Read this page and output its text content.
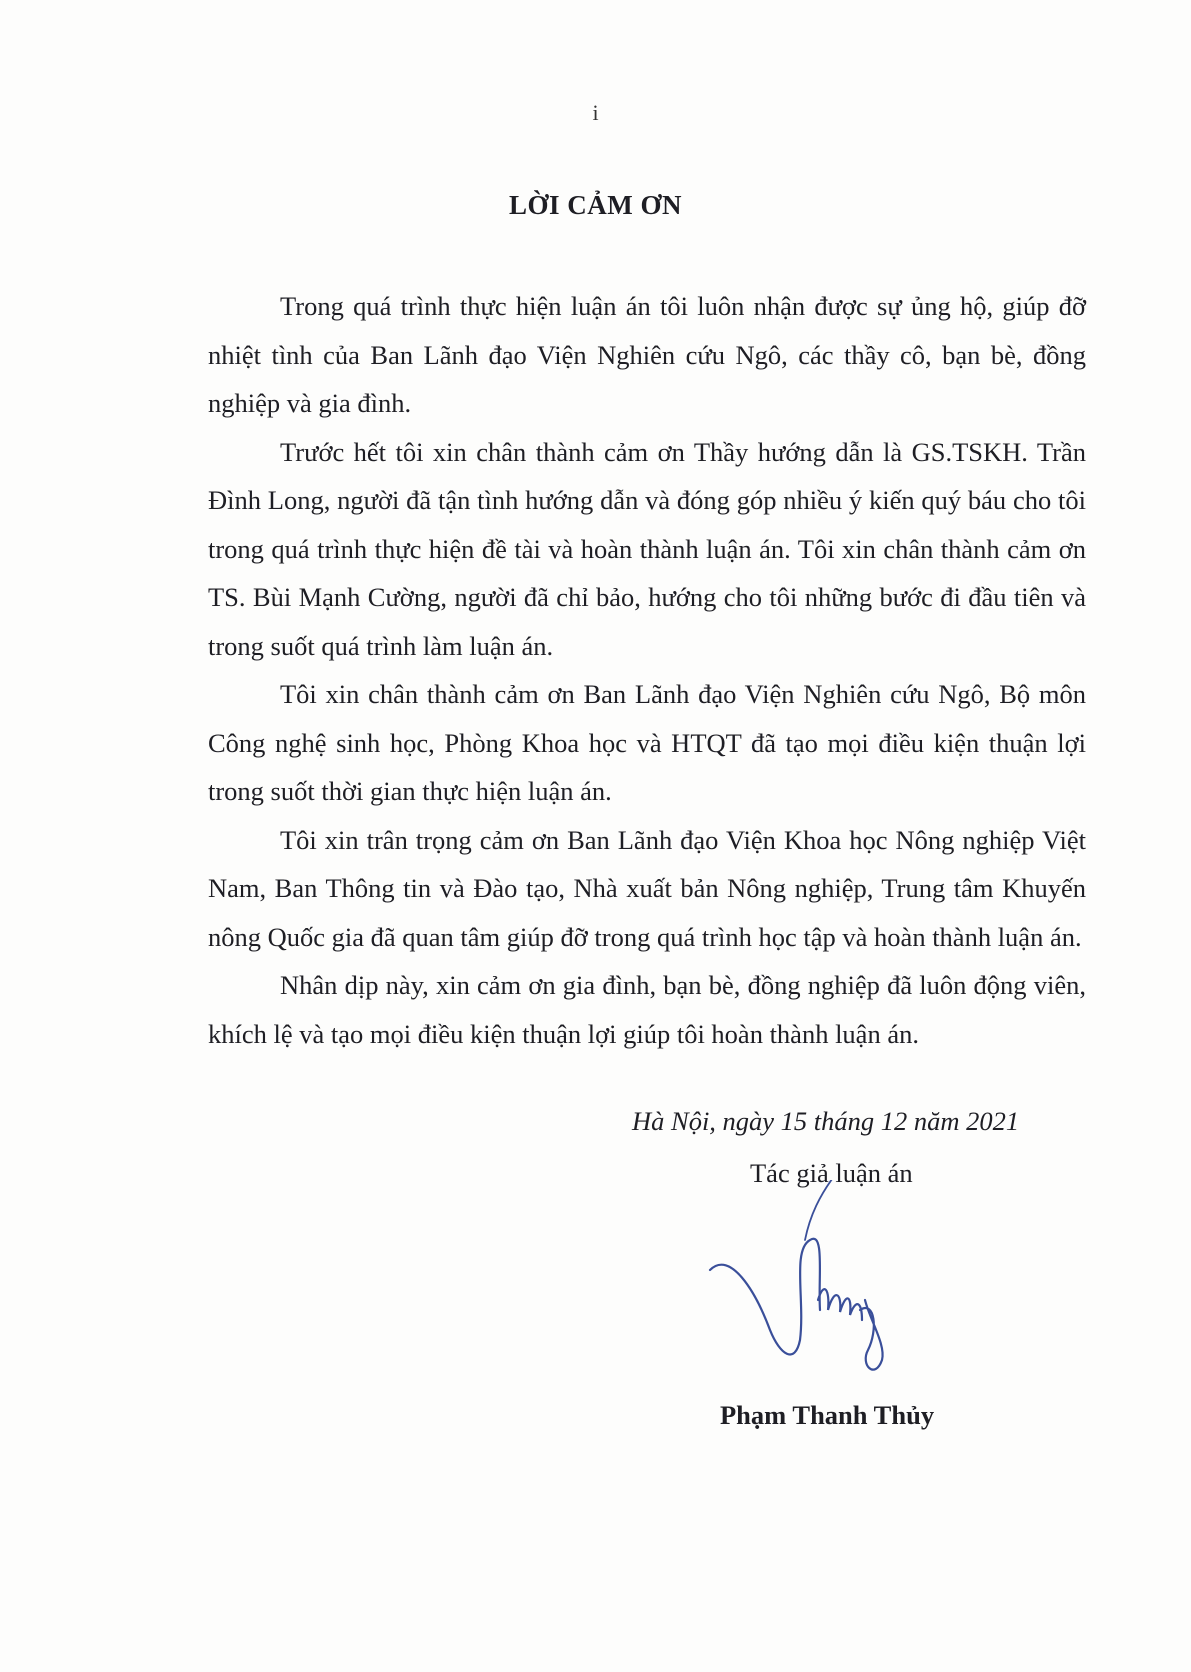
i
LỜI CẢM ƠN

Trong quá trình thực hiện luận án tôi luôn nhận được sự ủng hộ, giúp đỡ nhiệt tình của Ban Lãnh đạo Viện Nghiên cứu Ngô, các thầy cô, bạn bè, đồng nghiệp và gia đình.

Trước hết tôi xin chân thành cảm ơn Thầy hướng dẫn là GS.TSKH. Trần Đình Long, người đã tận tình hướng dẫn và đóng góp nhiều ý kiến quý báu cho tôi trong quá trình thực hiện đề tài và hoàn thành luận án. Tôi xin chân thành cảm ơn TS. Bùi Mạnh Cường, người đã chỉ bảo, hướng cho tôi những bước đi đầu tiên và trong suốt quá trình làm luận án.

Tôi xin chân thành cảm ơn Ban Lãnh đạo Viện Nghiên cứu Ngô, Bộ môn Công nghệ sinh học, Phòng Khoa học và HTQT đã tạo mọi điều kiện thuận lợi trong suốt thời gian thực hiện luận án.

Tôi xin trân trọng cảm ơn Ban Lãnh đạo Viện Khoa học Nông nghiệp Việt Nam, Ban Thông tin và Đào tạo, Nhà xuất bản Nông nghiệp, Trung tâm Khuyến nông Quốc gia đã quan tâm giúp đỡ trong quá trình học tập và hoàn thành luận án.

Nhân dịp này, xin cảm ơn gia đình, bạn bè, đồng nghiệp đã luôn động viên, khích lệ và tạo mọi điều kiện thuận lợi giúp tôi hoàn thành luận án.

Hà Nội, ngày 15 tháng 12 năm 2021
Tác giả luận án
Phạm Thanh Thủy
